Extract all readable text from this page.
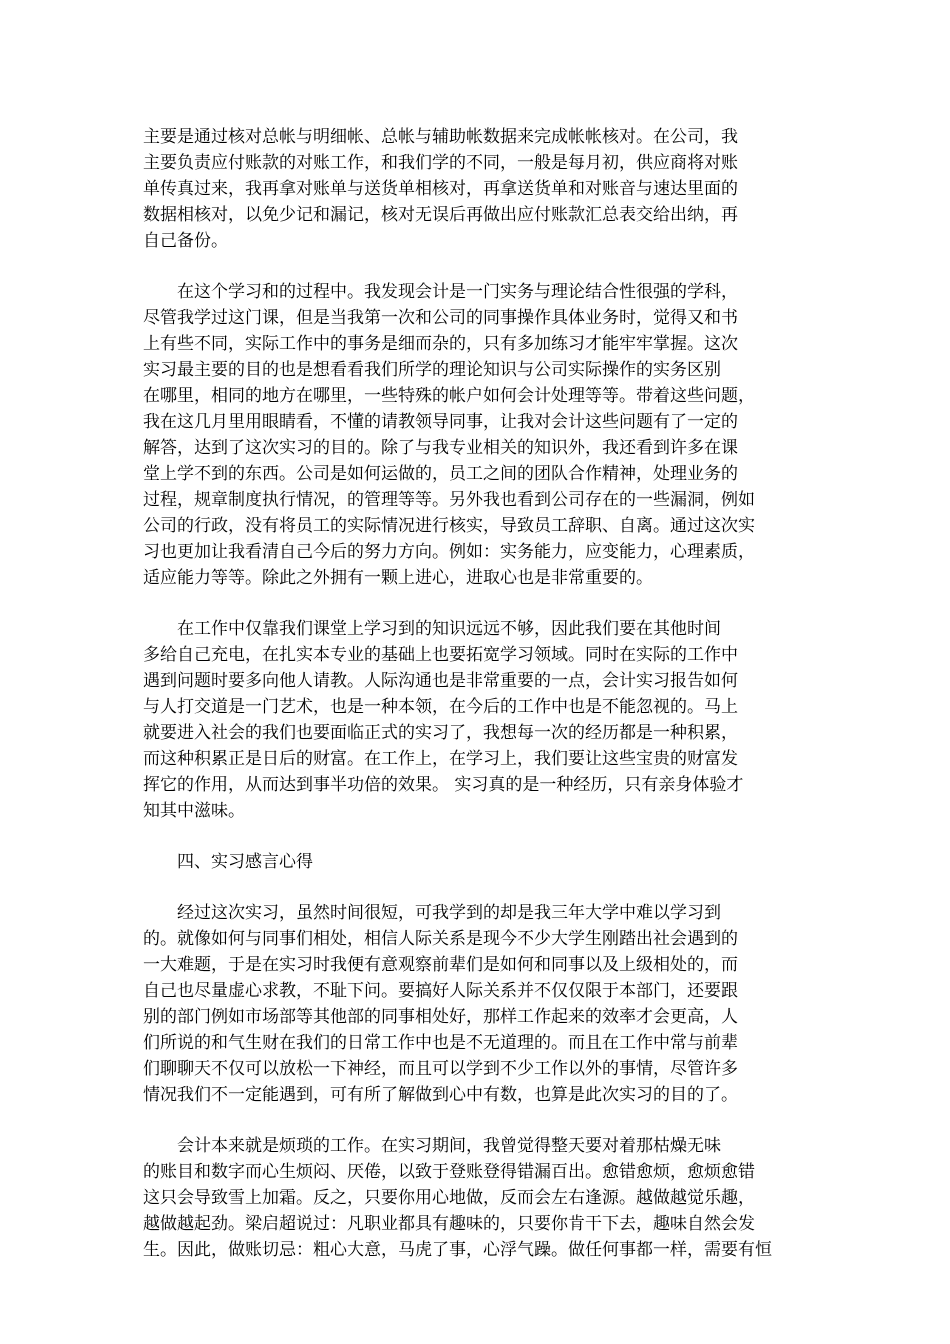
主要是通过核对总帐与明细帐、总帐与辅助帐数据来完成帐帐核对。在公司，我
主要负责应付账款的对账工作，和我们学的不同，一般是每月初，供应商将对账
单传真过来，我再拿对账单与送货单相核对，再拿送货单和对账音与速达里面的
数据相核对，以免少记和漏记，核对无误后再做出应付账款汇总表交给出纳，再
自己备份。
　　在这个学习和的过程中。我发现会计是一门实务与理论结合性很强的学科，
尽管我学过这门课，但是当我第一次和公司的同事操作具体业务时，觉得又和书
上有些不同，实际工作中的事务是细而杂的，只有多加练习才能牢牢掌握。这次
实习最主要的目的也是想看看我们所学的理论知识与公司实际操作的实务区别
在哪里，相同的地方在哪里，一些特殊的帐户如何会计处理等等。带着这些问题，
我在这几月里用眼睛看，不懂的请教领导同事，让我对会计这些问题有了一定的
解答，达到了这次实习的目的。除了与我专业相关的知识外，我还看到许多在课
堂上学不到的东西。公司是如何运做的，员工之间的团队合作精神，处理业务的
过程，规章制度执行情况，的管理等等。另外我也看到公司存在的一些漏洞，例如
公司的行政，没有将员工的实际情况进行核实，导致员工辞职、自离。通过这次实
习也更加让我看清自己今后的努力方向。例如：实务能力，应变能力，心理素质，
适应能力等等。除此之外拥有一颗上进心，进取心也是非常重要的。
　　在工作中仅靠我们课堂上学习到的知识远远不够，因此我们要在其他时间
多给自己充电，在扎实本专业的基础上也要拓宽学习领域。同时在实际的工作中
遇到问题时要多向他人请教。人际沟通也是非常重要的一点，会计实习报告如何
与人打交道是一门艺术，也是一种本领，在今后的工作中也是不能忽视的。马上
就要进入社会的我们也要面临正式的实习了，我想每一次的经历都是一种积累，
而这种积累正是日后的财富。在工作上，在学习上，我们要让这些宝贵的财富发
挥它的作用，从而达到事半功倍的效果。 实习真的是一种经历，只有亲身体验才
知其中滋味。
　　四、实习感言心得
　　经过这次实习，虽然时间很短，可我学到的却是我三年大学中难以学习到
的。就像如何与同事们相处，相信人际关系是现今不少大学生刚踏出社会遇到的
一大难题，于是在实习时我便有意观察前辈们是如何和同事以及上级相处的，而
自己也尽量虚心求教，不耻下问。要搞好人际关系并不仅仅限于本部门，还要跟
别的部门例如市场部等其他部的同事相处好，那样工作起来的效率才会更高，人
们所说的和气生财在我们的日常工作中也是不无道理的。而且在工作中常与前辈
们聊聊天不仅可以放松一下神经，而且可以学到不少工作以外的事情，尽管许多
情况我们不一定能遇到，可有所了解做到心中有数，也算是此次实习的目的了。
　　会计本来就是烦琐的工作。在实习期间，我曾觉得整天要对着那枯燥无味
的账目和数字而心生烦闷、厌倦，以致于登账登得错漏百出。愈错愈烦，愈烦愈错
这只会导致雪上加霜。反之，只要你用心地做，反而会左右逢源。越做越觉乐趣，
越做越起劲。梁启超说过：凡职业都具有趣味的，只要你肯干下去，趣味自然会发
生。因此，做账切忌：粗心大意，马虎了事，心浮气躁。做任何事都一样，需要有恒
